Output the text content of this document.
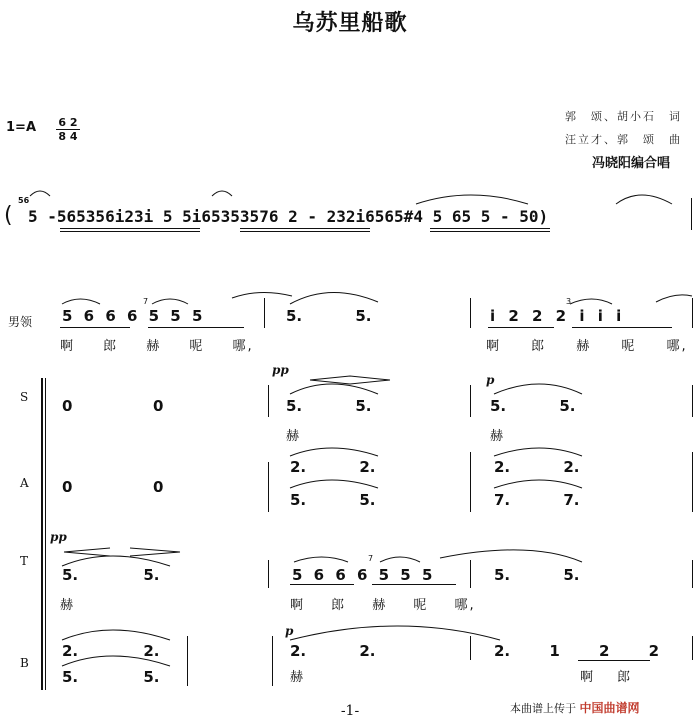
乌苏里船歌
1=A 6 2
8 4
郭　颂、胡小石　词
汪立才、郭　颂　曲
冯晓阳编合唱
(
56
5 -565356i23i 5 5i65353576 2 - 232i6565#4 5 65 5 - 50)
男领
S
A
T
B
5 6 6 6 5 5 5
7
5. 5.	i 2 2 2 i i i
3
啊 郎 赫 呢 哪,	啊 郎 赫 呢 哪,
0	0
pp
5. 5.
p
5. 5.
赫	赫
0	0
2. 2.
5. 5.
2. 2.
7. 7.
pp
5. 5.
赫
5 6 6 6 5 5 5
7
5. 5.
啊 郎 赫 呢 哪,
2. 2.
5. 5.
p
2. 2.
赫
2. 1 2 2
啊 郎
-1-	本曲谱上传于 中国曲谱网
